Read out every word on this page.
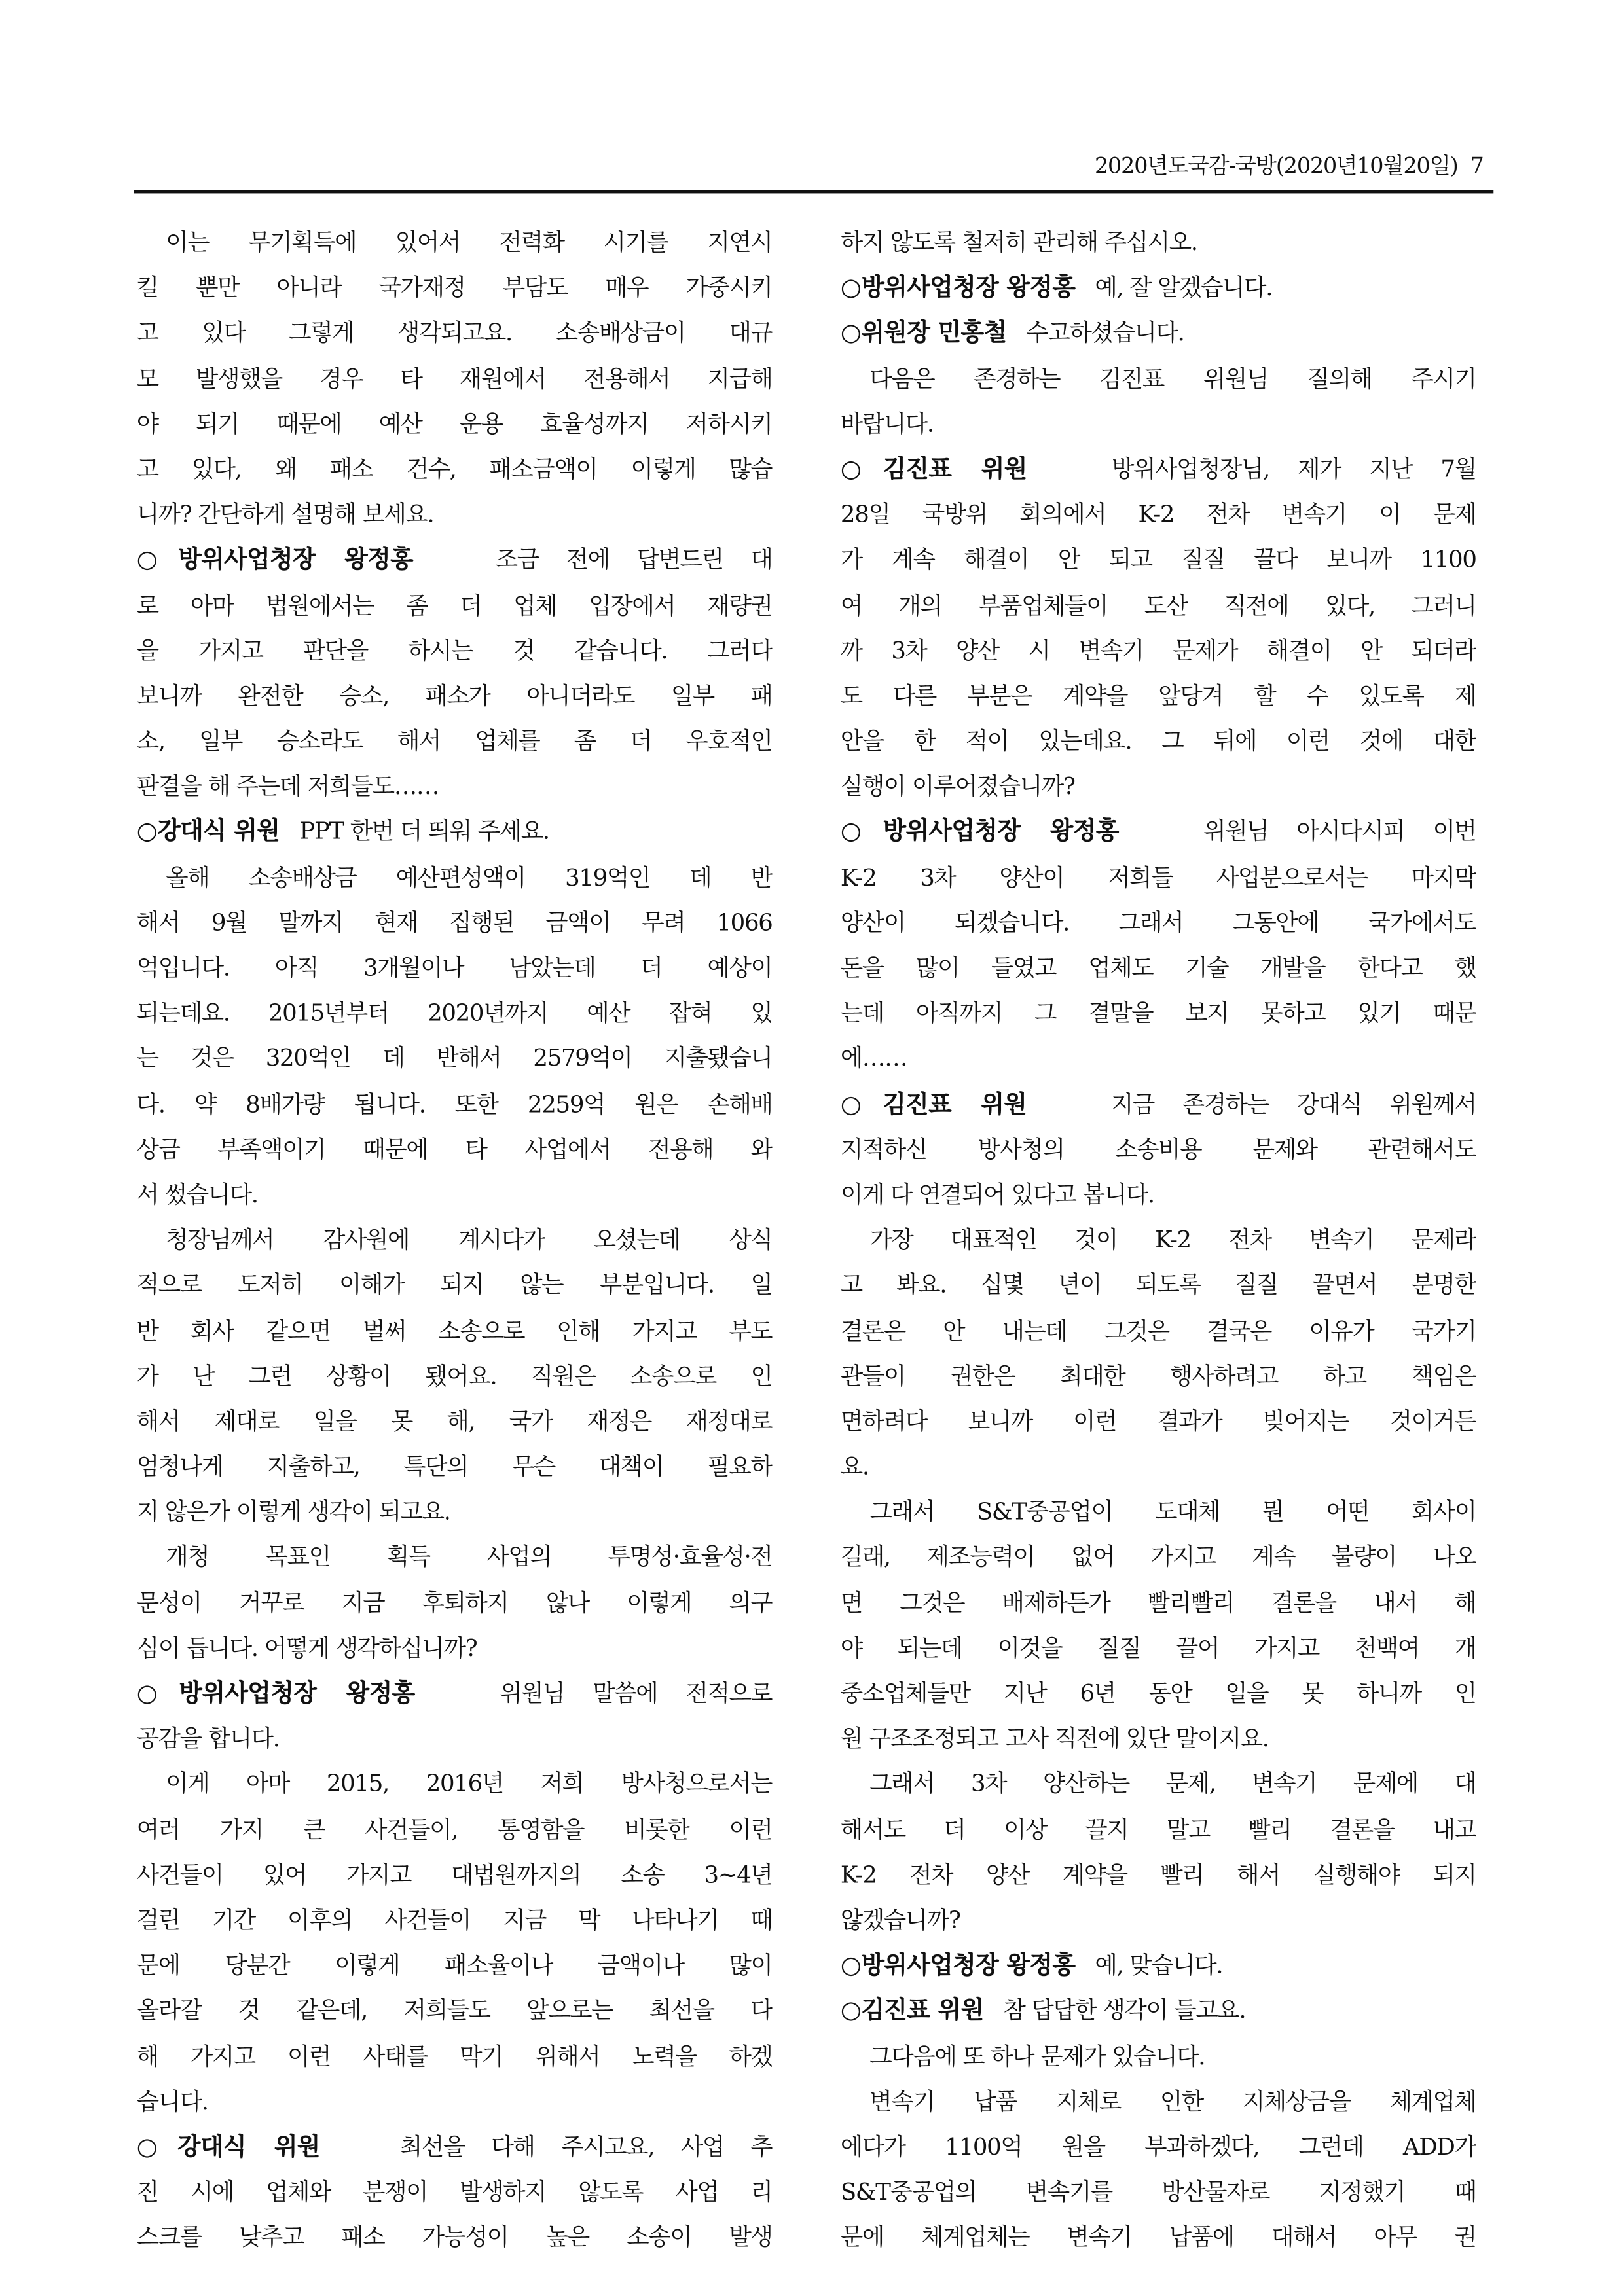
2020년도국감-국방(2020년10월20일) 7
이는 무기획득에 있어서 전력화 시기를 지연시
킬 뿐만 아니라 국가재정 부담도 매우 가중시키
고 있다 그렇게 생각되고요. 소송배상금이 대규
모 발생했을 경우 타 재원에서 전용해서 지급해
야 되기 때문에 예산 운용 효율성까지 저하시키
고 있다, 왜 패소 건수, 패소금액이 이렇게 많습
니까? 간단하게 설명해 보세요.
○방위사업청장 왕정홍	조금 전에 답변드린 대
로 아마 법원에서는 좀 더 업체 입장에서 재량권
을 가지고 판단을 하시는 것 같습니다. 그러다
보니까 완전한 승소, 패소가 아니더라도 일부 패
소, 일부 승소라도 해서 업체를 좀 더 우호적인
판결을 해 주는데 저희들도……
○강대식 위원 PPT 한번 더 띄워 주세요.
올해 소송배상금 예산편성액이 319억인 데 반
해서 9월 말까지 현재 집행된 금액이 무려 1066
억입니다. 아직 3개월이나 남았는데 더 예상이
되는데요. 2015년부터 2020년까지 예산 잡혀 있
는 것은 320억인 데 반해서 2579억이 지출됐습니
다. 약 8배가량 됩니다. 또한 2259억 원은 손해배
상금 부족액이기 때문에 타 사업에서 전용해 와
서 썼습니다.
청장님께서 감사원에 계시다가 오셨는데 상식
적으로 도저히 이해가 되지 않는 부분입니다. 일
반 회사 같으면 벌써 소송으로 인해 가지고 부도
가 난 그런 상황이 됐어요. 직원은 소송으로 인
해서 제대로 일을 못 해, 국가 재정은 재정대로
엄청나게 지출하고, 특단의 무슨 대책이 필요하
지 않은가 이렇게 생각이 되고요.
개청 목표인 획득 사업의 투명성·효율성·전
문성이 거꾸로 지금 후퇴하지 않나 이렇게 의구
심이 듭니다. 어떻게 생각하십니까?
○방위사업청장 왕정홍	위원님 말씀에 전적으로
공감을 합니다.
이게 아마 2015, 2016년 저희 방사청으로서는
여러 가지 큰 사건들이, 통영함을 비롯한 이런
사건들이 있어 가지고 대법원까지의 소송 3∼4년
걸린 기간 이후의 사건들이 지금 막 나타나기 때
문에 당분간 이렇게 패소율이나 금액이나 많이
올라갈 것 같은데, 저희들도 앞으로는 최선을 다
해 가지고 이런 사태를 막기 위해서 노력을 하겠
습니다.
○강대식 위원	최선을 다해 주시고요, 사업 추
진 시에 업체와 분쟁이 발생하지 않도록 사업 리
스크를 낮추고 패소 가능성이 높은 소송이 발생
하지 않도록 철저히 관리해 주십시오.
○방위사업청장 왕정홍 예, 잘 알겠습니다.
○위원장 민홍철 수고하셨습니다.
다음은 존경하는 김진표 위원님 질의해 주시기
바랍니다.
○김진표 위원	방위사업청장님, 제가 지난 7월
28일 국방위 회의에서 K-2 전차 변속기 이 문제
가 계속 해결이 안 되고 질질 끌다 보니까 1100
여 개의 부품업체들이 도산 직전에 있다, 그러니
까 3차 양산 시 변속기 문제가 해결이 안 되더라
도 다른 부분은 계약을 앞당겨 할 수 있도록 제
안을 한 적이 있는데요. 그 뒤에 이런 것에 대한
실행이 이루어졌습니까?
○방위사업청장 왕정홍	위원님 아시다시피 이번
K-2 3차 양산이 저희들 사업분으로서는 마지막
양산이 되겠습니다. 그래서 그동안에 국가에서도
돈을 많이 들였고 업체도 기술 개발을 한다고 했
는데 아직까지 그 결말을 보지 못하고 있기 때문
에……
○김진표 위원	지금 존경하는 강대식 위원께서
지적하신 방사청의 소송비용 문제와 관련해서도
이게 다 연결되어 있다고 봅니다.
가장 대표적인 것이 K-2 전차 변속기 문제라
고 봐요. 십몇 년이 되도록 질질 끌면서 분명한
결론은 안 내는데 그것은 결국은 이유가 국가기
관들이 권한은 최대한 행사하려고 하고 책임은
면하려다 보니까 이런 결과가 빚어지는 것이거든
요.
그래서 S&T중공업이 도대체 뭔 어떤 회사이
길래, 제조능력이 없어 가지고 계속 불량이 나오
면 그것은 배제하든가 빨리빨리 결론을 내서 해
야 되는데 이것을 질질 끌어 가지고 천백여 개
중소업체들만 지난 6년 동안 일을 못 하니까 인
원 구조조정되고 고사 직전에 있단 말이지요.
그래서 3차 양산하는 문제, 변속기 문제에 대
해서도 더 이상 끌지 말고 빨리 결론을 내고
K-2 전차 양산 계약을 빨리 해서 실행해야 되지
않겠습니까?
○방위사업청장 왕정홍 예, 맞습니다.
○김진표 위원 참 답답한 생각이 들고요.
그다음에 또 하나 문제가 있습니다.
변속기 납품 지체로 인한 지체상금을 체계업체
에다가 1100억 원을 부과하겠다, 그런데 ADD가
S&T중공업의 변속기를 방산물자로 지정했기 때
문에 체계업체는 변속기 납품에 대해서 아무 권
